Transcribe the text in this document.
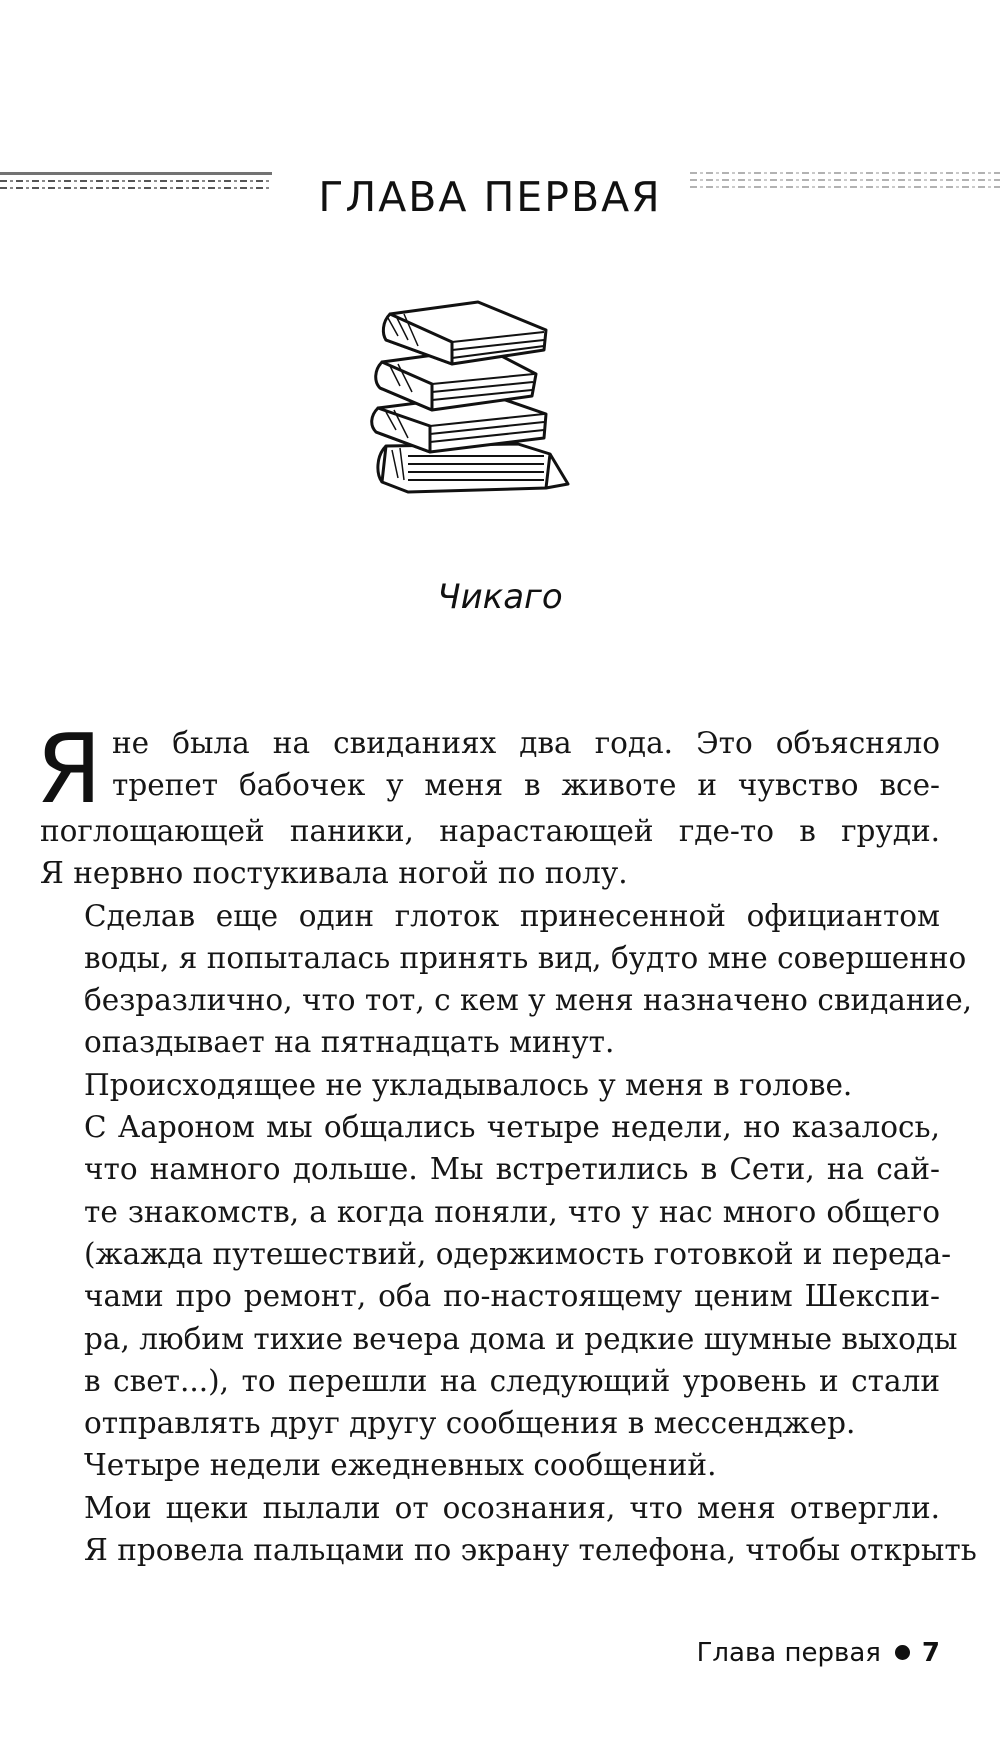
ГЛАВА ПЕРВАЯ
Чикаго
Я не была на свиданиях два года. Это объясняло
трепет бабочек у меня в животе и чувство все-
поглощающей паники, нарастающей где-то в груди.
Я нервно постукивала ногой по полу.
Сделав еще один глоток принесенной официантом
воды, я попыталась принять вид, будто мне совершенно
безразлично, что тот, с кем у меня назначено свидание,
опаздывает на пятнадцать минут.
Происходящее не укладывалось у меня в голове.
С Аароном мы общались четыре недели, но казалось,
что намного дольше. Мы встретились в Сети, на сай-
те знакомств, а когда поняли, что у нас много общего
(жажда путешествий, одержимость готовкой и переда-
чами про ремонт, оба по-настоящему ценим Шекспи-
ра, любим тихие вечера дома и редкие шумные выходы
в свет...), то перешли на следующий уровень и стали
отправлять друг другу сообщения в мессенджер.
Четыре недели ежедневных сообщений.
Мои щеки пылали от осознания, что меня отвергли.
Я провела пальцами по экрану телефона, чтобы открыть
Глава первая 7
